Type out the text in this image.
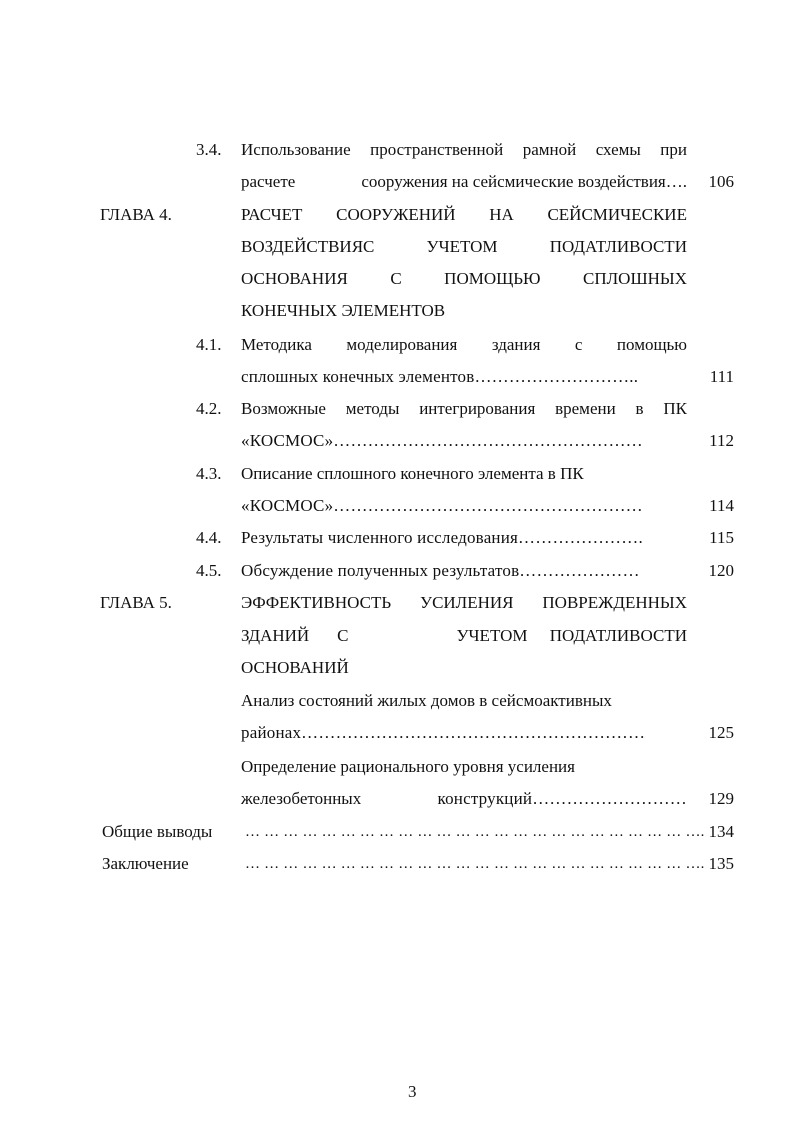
3.4. Использование пространственной рамной схемы при
расчете	сооружения на сейсмические воздействия….	106
ГЛАВА 4.	РАСЧЕТ СООРУЖЕНИЙ НА СЕЙСМИЧЕСКИЕ
ВОЗДЕЙСТВИЯС	УЧЕТОМ	ПОДАТЛИВОСТИ
ОСНОВАНИЯ	С	ПОМОЩЬЮ	СПЛОШНЫХ
КОНЕЧНЫХ ЭЛЕМЕНТОВ
4.1. Методика моделирования здания с помощью
сплошных конечных элементов………………………..	111
4.2. Возможные методы интегрирования времени в ПК
«КОСМОС»………………………………………………	112
4.3. Описание сплошного конечного элемента в ПК
«КОСМОС»………………………………………………	114
4.4. Результаты численного исследования………………….	115
4.5. Обсуждение полученных результатов…………………	120
ГЛАВА 5.	ЭФФЕКТИВНОСТЬ УСИЛЕНИЯ ПОВРЕЖДЕННЫХ
ЗДАНИЙ С	УЧЕТОМ ПОДАТЛИВОСТИ
ОСНОВАНИЙ
Анализ состояний жилых домов в сейсмоактивных
районах……………………………………………………	125
Определение рационального уровня усиления
железобетонных	конструкций………………………	129
Общие выводы … … … … … … … … … … … … … … … … … … … … … … … …. 134
Заключение	… … … … … … … … … … … … … … … … … … … … … … … …. 135
3
